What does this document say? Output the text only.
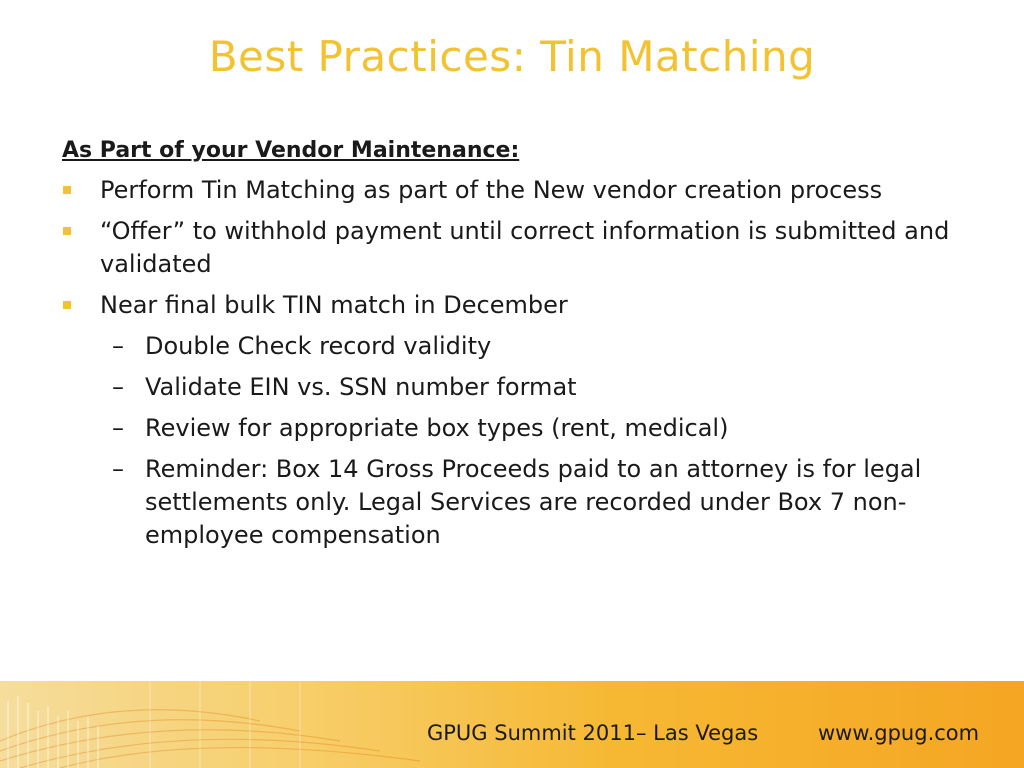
Best Practices: Tin Matching
As Part of your Vendor Maintenance:
Perform Tin Matching as part of the New vendor creation process
“Offer” to withhold payment until correct information is submitted and validated
Near final bulk TIN match in December
– Double Check record validity
– Validate EIN vs. SSN number format
– Review for appropriate box types (rent, medical)
– Reminder: Box 14 Gross Proceeds paid to an attorney is for legal settlements only. Legal Services are recorded under Box 7 non-employee compensation
GPUG Summit 2011– Las Vegas	www.gpug.com
